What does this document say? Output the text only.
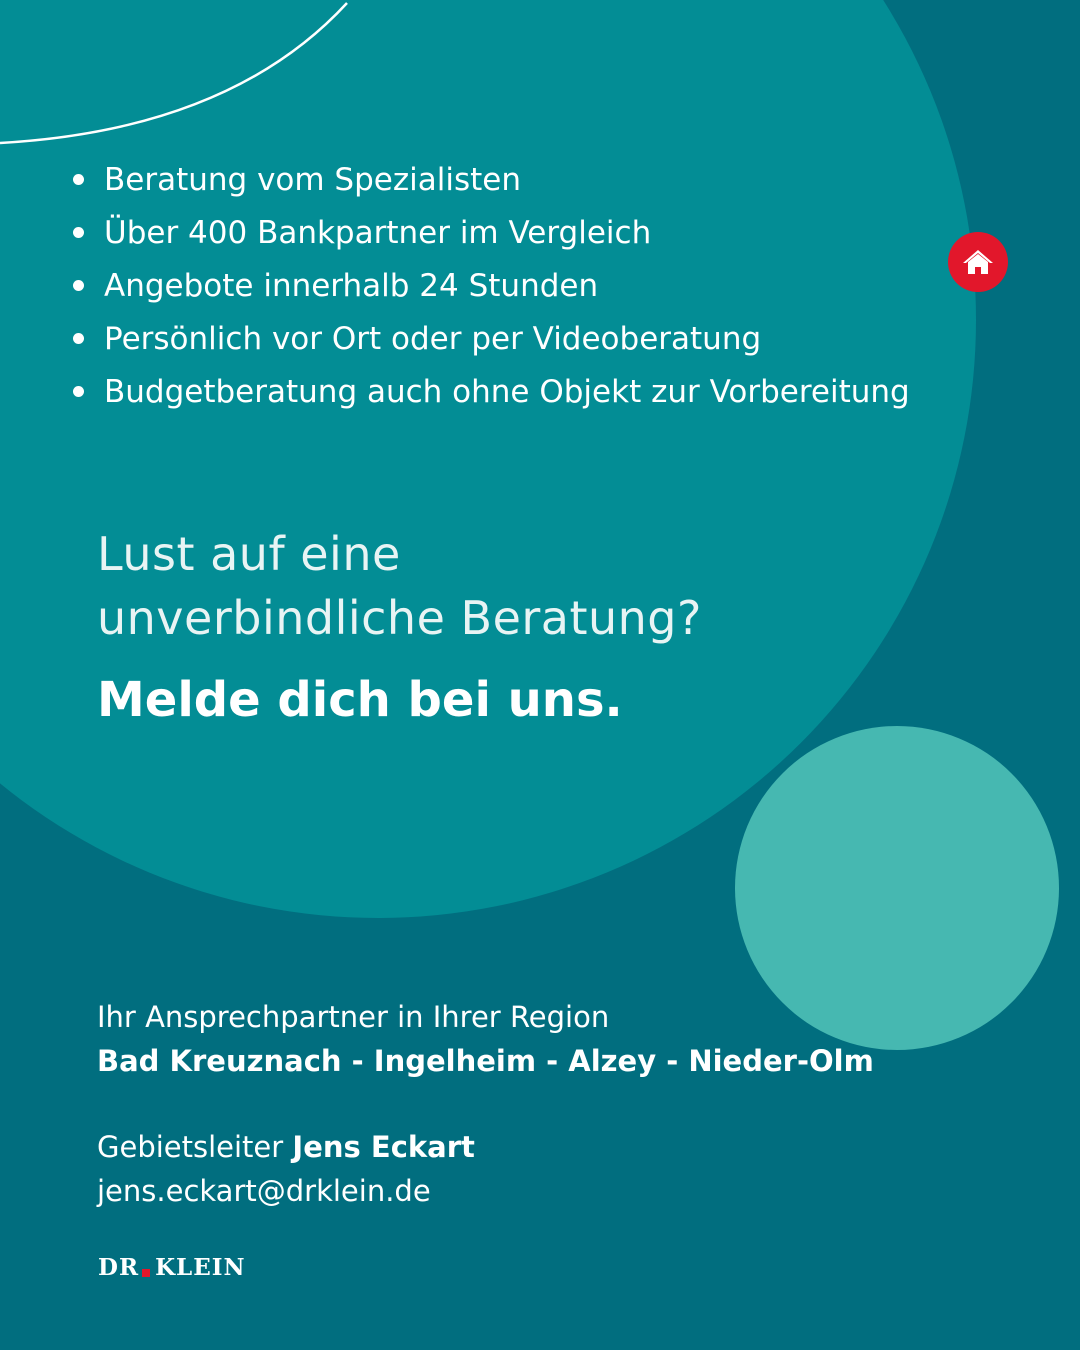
Beratung vom Spezialisten
Über 400 Bankpartner im Vergleich
Angebote innerhalb 24 Stunden
Persönlich vor Ort oder per Videoberatung
Budgetberatung auch ohne Objekt zur Vorbereitung
Lust auf eine
unverbindliche Beratung?
Melde dich bei uns.
Ihr Ansprechpartner in Ihrer Region
Bad Kreuznach - Ingelheim - Alzey - Nieder-Olm
Gebietsleiter Jens Eckart
jens.eckart@drklein.de
DR KLEIN
